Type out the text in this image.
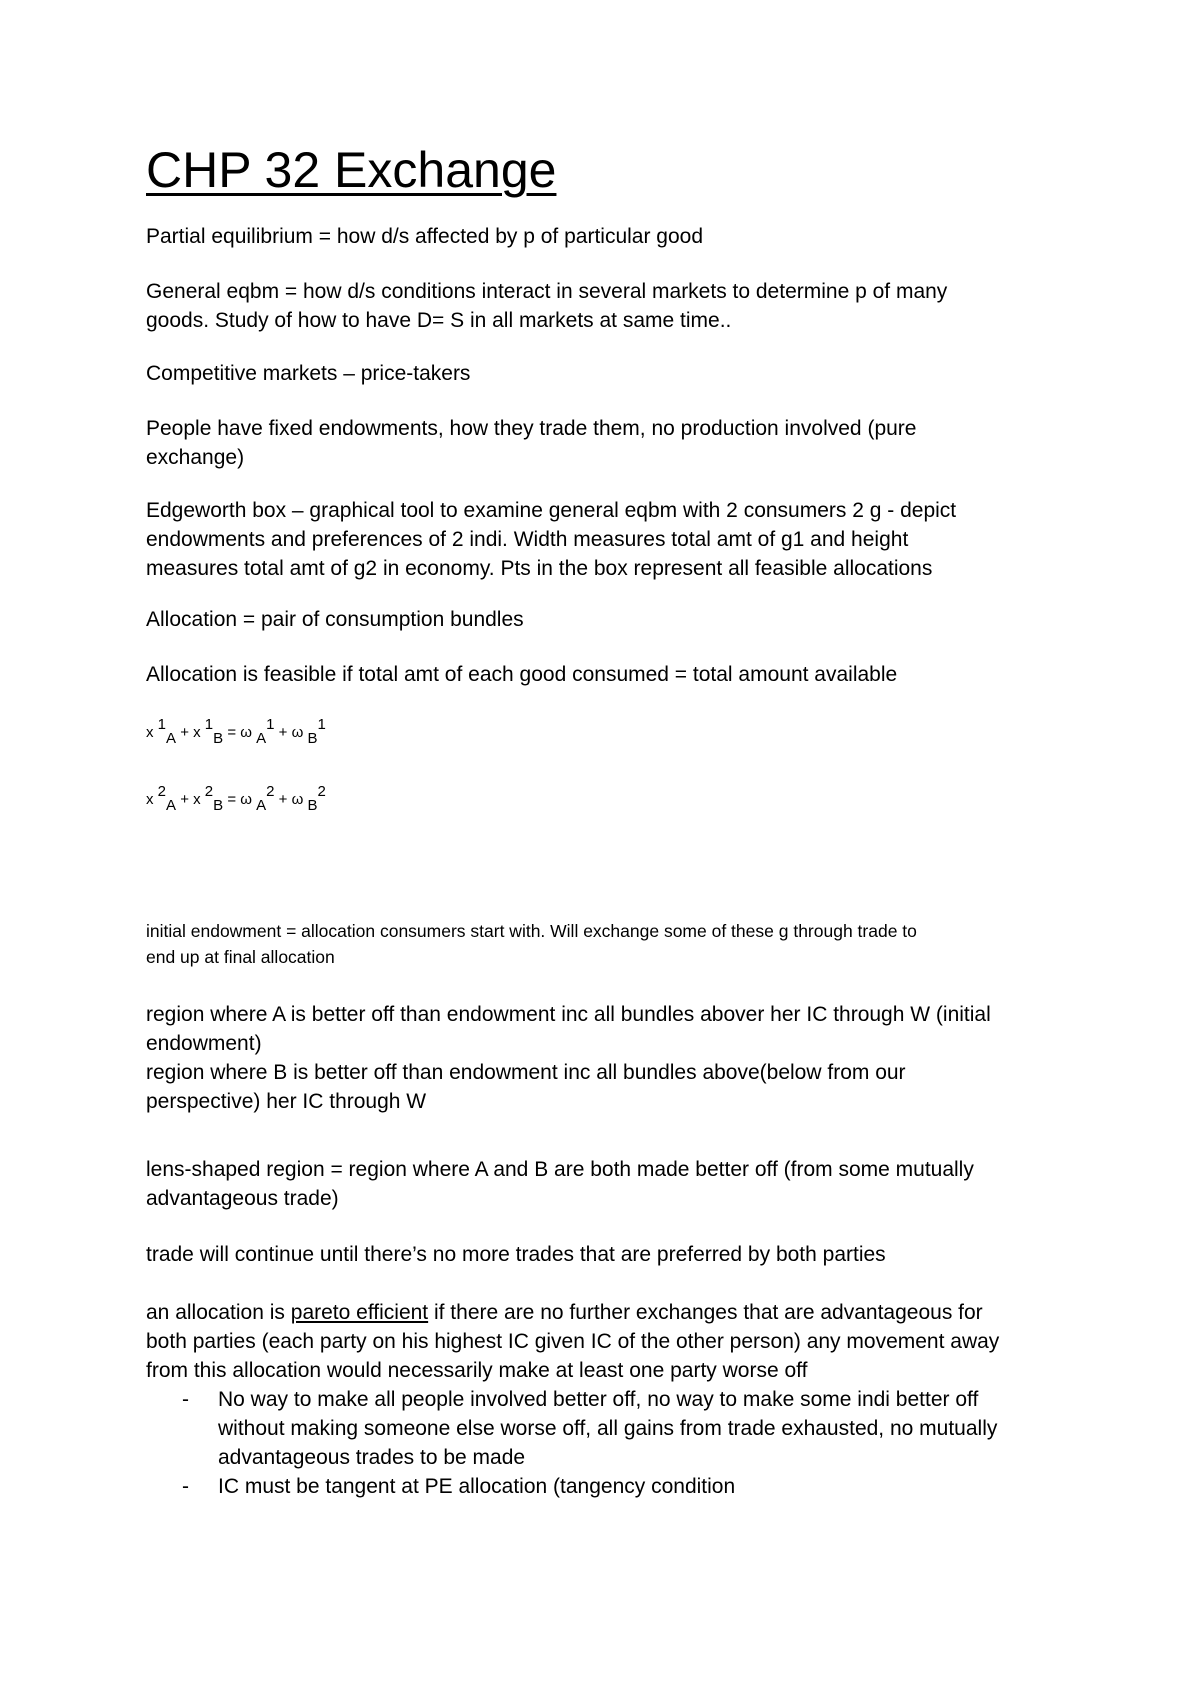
CHP 32 Exchange
Partial equilibrium = how d/s affected by p of particular good
General eqbm = how d/s conditions interact in several markets to determine p of many
goods. Study of how to have D= S in all markets at same time..
Competitive markets – price-takers
People have fixed endowments, how they trade them, no production involved (pure
exchange)
Edgeworth box – graphical tool to examine general eqbm with 2 consumers 2 g - depict
endowments and preferences of 2 indi. Width measures total amt of g1 and height
measures total amt of g2 in economy. Pts in the box represent all feasible allocations
Allocation = pair of consumption bundles
Allocation is feasible if total amt of each good consumed = total amount available
x $^1_A$ + x $^1_B$ = ω $_A^1$ + ω $_B^1$
x $^2_A$ + x $^2_B$ = ω $_A^2$ + ω $_B^2$
initial endowment = allocation consumers start with. Will exchange some of these g through trade to
end up at final allocation
region where A is better off than endowment inc all bundles abover her IC through W (initial
endowment)
region where B is better off than endowment inc all bundles above(below from our
perspective) her IC through W
lens-shaped region = region where A and B are both made better off (from some mutually
advantageous trade)
trade will continue until there’s no more trades that are preferred by both parties
an allocation is pareto efficient if there are no further exchanges that are advantageous for
both parties (each party on his highest IC given IC of the other person) any movement away
from this allocation would necessarily make at least one party worse off
- No way to make all people involved better off, no way to make some indi better off
without making someone else worse off, all gains from trade exhausted, no mutually
advantageous trades to be made
- IC must be tangent at PE allocation (tangency condition
